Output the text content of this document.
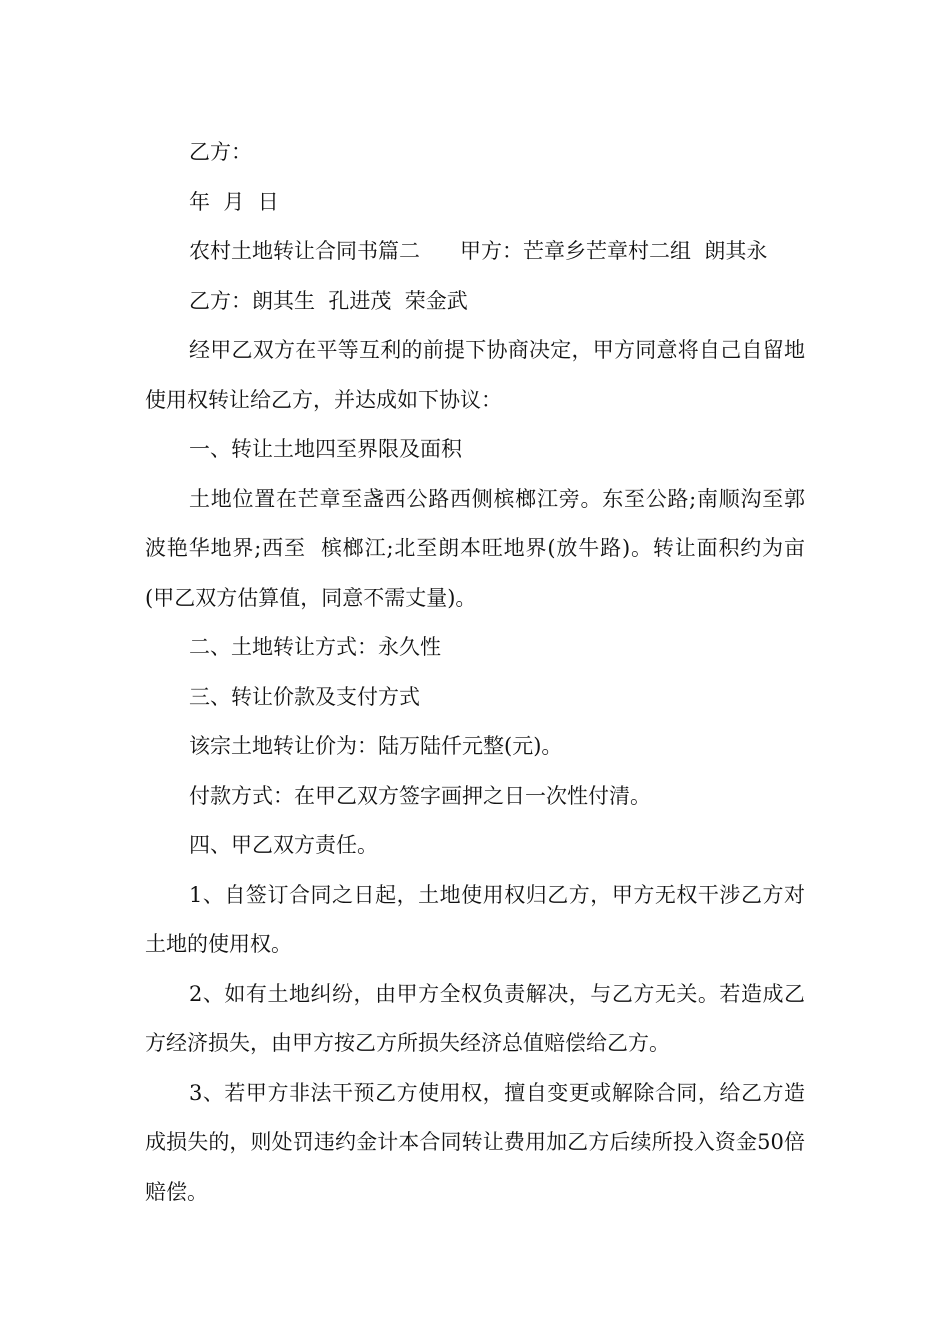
乙方：

年  月  日

农村土地转让合同书篇二      甲方：芒章乡芒章村二组  朗其永

乙方：朗其生  孔进茂  荣金武

经甲乙双方在平等互利的前提下协商决定，甲方同意将自己自留地使用权转让给乙方，并达成如下协议：

一、转让土地四至界限及面积

土地位置在芒章至盏西公路西侧槟榔江旁。东至公路;南顺沟至郭波艳华地界;西至  槟榔江;北至朗本旺地界(放牛路)。转让面积约为亩(甲乙双方估算值，同意不需丈量)。

二、土地转让方式：永久性

三、转让价款及支付方式

该宗土地转让价为：陆万陆仟元整(元)。

付款方式：在甲乙双方签字画押之日一次性付清。

四、甲乙双方责任。

1、自签订合同之日起，土地使用权归乙方，甲方无权干涉乙方对土地的使用权。

2、如有土地纠纷，由甲方全权负责解决，与乙方无关。若造成乙方经济损失，由甲方按乙方所损失经济总值赔偿给乙方。

3、若甲方非法干预乙方使用权，擅自变更或解除合同，给乙方造成损失的，则处罚违约金计本合同转让费用加乙方后续所投入资金50倍赔偿。
